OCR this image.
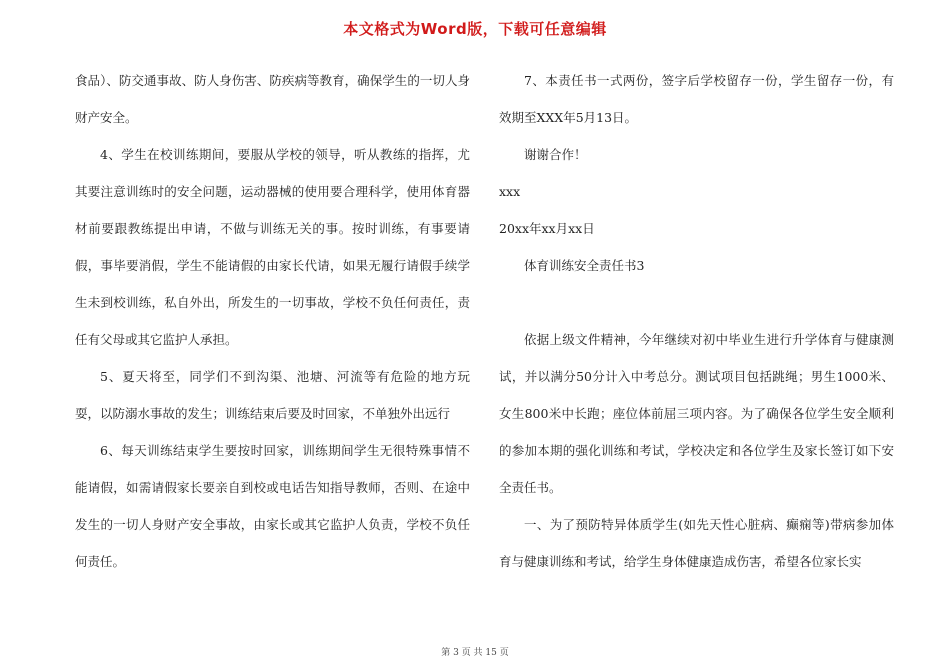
本文格式为Word版，下载可任意编辑

食品）、防交通事故、防人身伤害、防疾病等教育，确保学生的一切人身财产安全。

4、学生在校训练期间，要服从学校的领导，听从教练的指挥，尤其要注意训练时的安全问题，运动器械的使用要合理科学，使用体育器材前要跟教练提出申请，不做与训练无关的事。按时训练，有事要请假，事毕要消假，学生不能请假的由家长代请，如果无履行请假手续学生未到校训练，私自外出，所发生的一切事故，学校不负任何责任，责任有父母或其它监护人承担。

5、夏天将至，同学们不到沟渠、池塘、河流等有危险的地方玩耍，以防溺水事故的发生；训练结束后要及时回家，不单独外出远行

6、每天训练结束学生要按时回家，训练期间学生无很特殊事情不能请假，如需请假家长要亲自到校或电话告知指导教师，否则、在途中发生的一切人身财产安全事故，由家长或其它监护人负责，学校不负任何责任。

7、本责任书一式两份，签字后学校留存一份，学生留存一份，有效期至XXX年5月13日。

谢谢合作！

xxx

20xx年xx月xx日

体育训练安全责任书3

依据上级文件精神，今年继续对初中毕业生进行升学体育与健康测试，并以满分50分计入中考总分。测试项目包括跳绳；男生1000米、女生800米中长跑；座位体前屈三项内容。为了确保各位学生安全顺利的参加本期的强化训练和考试，学校决定和各位学生及家长签订如下安全责任书。

一、为了预防特异体质学生(如先天性心脏病、癫痫等)带病参加体育与健康训练和考试，给学生身体健康造成伤害，希望各位家长实

第 3 页 共 15 页
